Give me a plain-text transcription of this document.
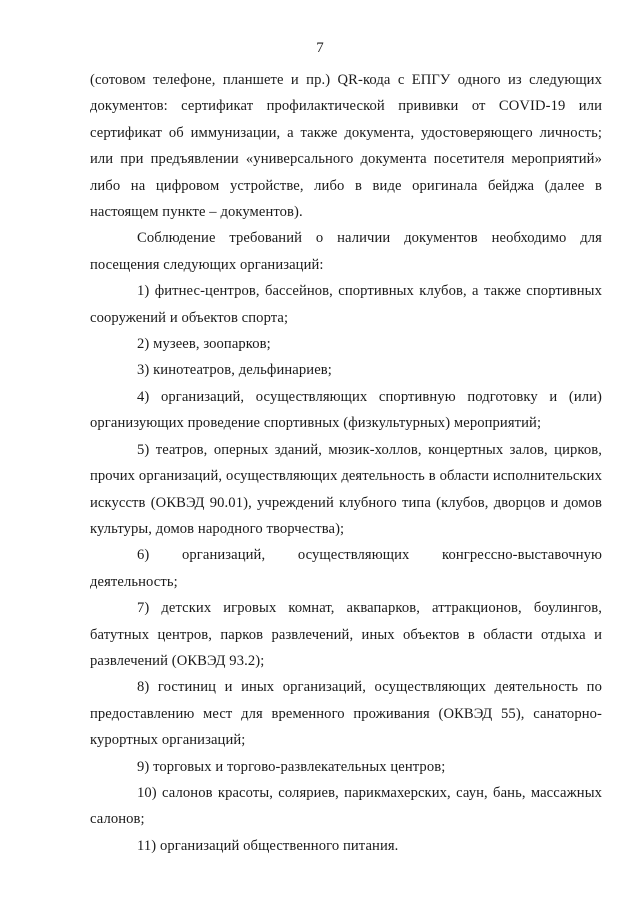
7

(сотовом телефоне, планшете и пр.) QR-кода с ЕПГУ одного из следующих документов: сертификат профилактической прививки от COVID-19 или сертификат об иммунизации, а также документа, удостоверяющего личность; или при предъявлении «универсального документа посетителя мероприятий» либо на цифровом устройстве, либо в виде оригинала бейджа (далее в настоящем пункте – документов).

Соблюдение требований о наличии документов необходимо для посещения следующих организаций:

1) фитнес-центров, бассейнов, спортивных клубов, а также спортивных сооружений и объектов спорта;

2) музеев, зоопарков;

3) кинотеатров, дельфинариев;

4) организаций, осуществляющих спортивную подготовку и (или) организующих проведение спортивных (физкультурных) мероприятий;

5) театров, оперных зданий, мюзик-холлов, концертных залов, цирков, прочих организаций, осуществляющих деятельность в области исполнительских искусств (ОКВЭД 90.01), учреждений клубного типа (клубов, дворцов и домов культуры, домов народного творчества);

6) организаций, осуществляющих конгрессно-выставочную деятельность;

7) детских игровых комнат, аквапарков, аттракционов, боулингов, батутных центров, парков развлечений, иных объектов в области отдыха и развлечений (ОКВЭД 93.2);

8) гостиниц и иных организаций, осуществляющих деятельность по предоставлению мест для временного проживания (ОКВЭД 55), санаторно-курортных организаций;

9) торговых и торгово-развлекательных центров;

10) салонов красоты, соляриев, парикмахерских, саун, бань, массажных салонов;

11) организаций общественного питания.
